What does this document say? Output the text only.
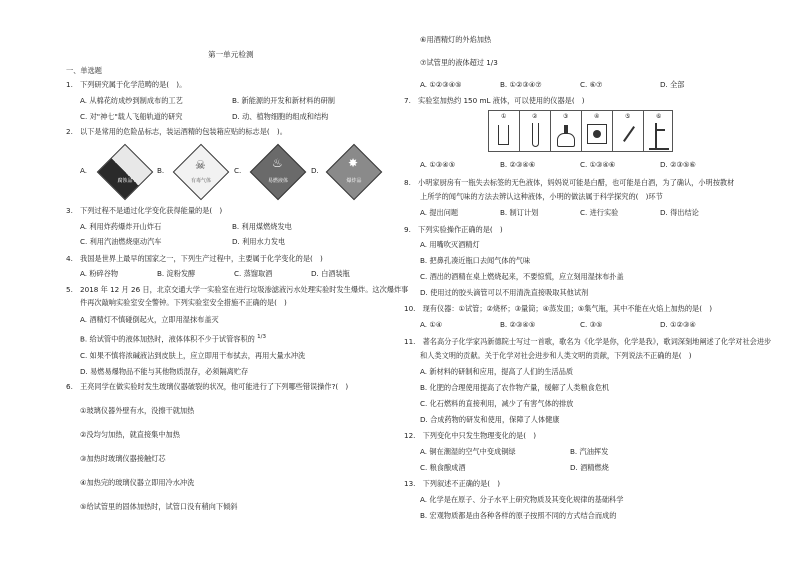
第一单元检测
一、单选题
1.　下列研究属于化学范畴的是(　)。
A. 从棉花纺成纱到制成布的工艺	B. 新能源的开发和新材料的研制
C. 对"神七"载人飞船轨道的研究	D. 动、植物细胞的组成和结构
2.　以下是常用的危险品标志，装运酒精的包装箱应贴的标志是(　)。
A.
腐蚀品
B.	☠
有毒气体
C.
♨
易燃液体
D.
✸
爆炸品
3.　下列过程不是通过化学变化获得能量的是(　)
A. 利用炸药爆炸开山炸石	B. 利用煤燃烧发电
C. 利用汽油燃烧驱动汽车	D. 利用水力发电
4.　我国是世界上最早的国家之一，下列生产过程中，主要属于化学变化的是(　)
A. 粉碎谷物	B. 淀粉发酵	C. 蒸馏取酒	D. 白酒装瓶
5.　2018 年 12 月 26 日，北京交通大学一实验室在进行垃圾渗滤液污水处理实验时发生爆炸。这次爆炸事
件再次敲响实验室安全警钟。下列实验室安全措施不正确的是(　)
A. 酒精灯不慎碰倒起火，立即用湿抹布盖灭
B. 给试管中的液体加热时，液体体积不少于试管容积的 $^{1/3}$
C. 如果不慎将浓碱液沾到皮肤上，应立即用干布拭去，再用大量水冲洗
D. 易燃易爆物品不能与其他物质混存，必须隔离贮存
6.　王亮同学在做实验时发生玻璃仪器破裂的状况，他可能进行了下列哪些错误操作?(　)
①玻璃仪器外壁有水，没擦干就加热
②没均匀加热，就直接集中加热
③加热时玻璃仪器接触灯芯
④加热完的玻璃仪器立即用冷水冲洗
⑤给试管里的固体加热时，试管口没有稍向下倾斜
⑥用酒精灯的外焰加热
⑦试管里的液体超过 1/3
A. ①②③④⑤	B. ①②③④⑦	C. ⑥⑦	D. 全部
7.　实验室加热约 150 mL 液体，可以使用的仪器是(　)
①	②	③	④	⑤	⑥
A. ①③④⑤	B. ②③④⑥	C. ①③④⑥	D. ②③⑤⑥
8.　小明家厨房有一瓶失去标签的无色液体，妈妈说可能是白醋，也可能是白酒，为了确认，小明按教材
上所学的闻气味的方法去辨认这种液体，小明的做法属于科学探究的(　)环节
A. 提出问题	B. 制订计划	C. 进行实验	D. 得出结论
9.　下列实验操作正确的是(　)
A. 用嘴吹灭酒精灯
B. 把鼻孔凑近瓶口去闻气体的气味
C. 酒出的酒精在桌上燃烧起来，不要惊慌，应立刻用湿抹布扑盖
D. 使用过的胶头滴管可以不用清洗直接吸取其他试剂
10.　现有仪器：①试管；②烧杯；③量筒；④蒸发皿；⑤集气瓶，其中不能在火焰上加热的是(　)
A. ①④	B. ②③④⑤	C. ③⑤	D. ①②③④
11.　著名高分子化学家冯新德院士写过一首歌，歌名为《化学是你，化学是我》，歌词深刻地阐述了化学对社会进步
和人类文明的贡献。关于化学对社会进步和人类文明的贡献，下列说法不正确的是(　)
A. 新材料的研制和应用，提高了人们的生活品质
B. 化肥的合理使用提高了农作物产量，缓解了人类粮食危机
C. 化石燃料的直接利用，减少了有害气体的排放
D. 合成药物的研发和使用，保障了人体健康
12.　下列变化中只发生物理变化的是(　)
A. 铜在潮湿的空气中变成铜绿	B. 汽油挥发
C. 粮食酿成酒	D. 酒精燃烧
13.　下列叙述不正确的是(　)
A. 化学是在原子、分子水平上研究物质及其变化规律的基础科学
B. 宏观物质都是由各种各样的原子按照不同的方式结合而成的
